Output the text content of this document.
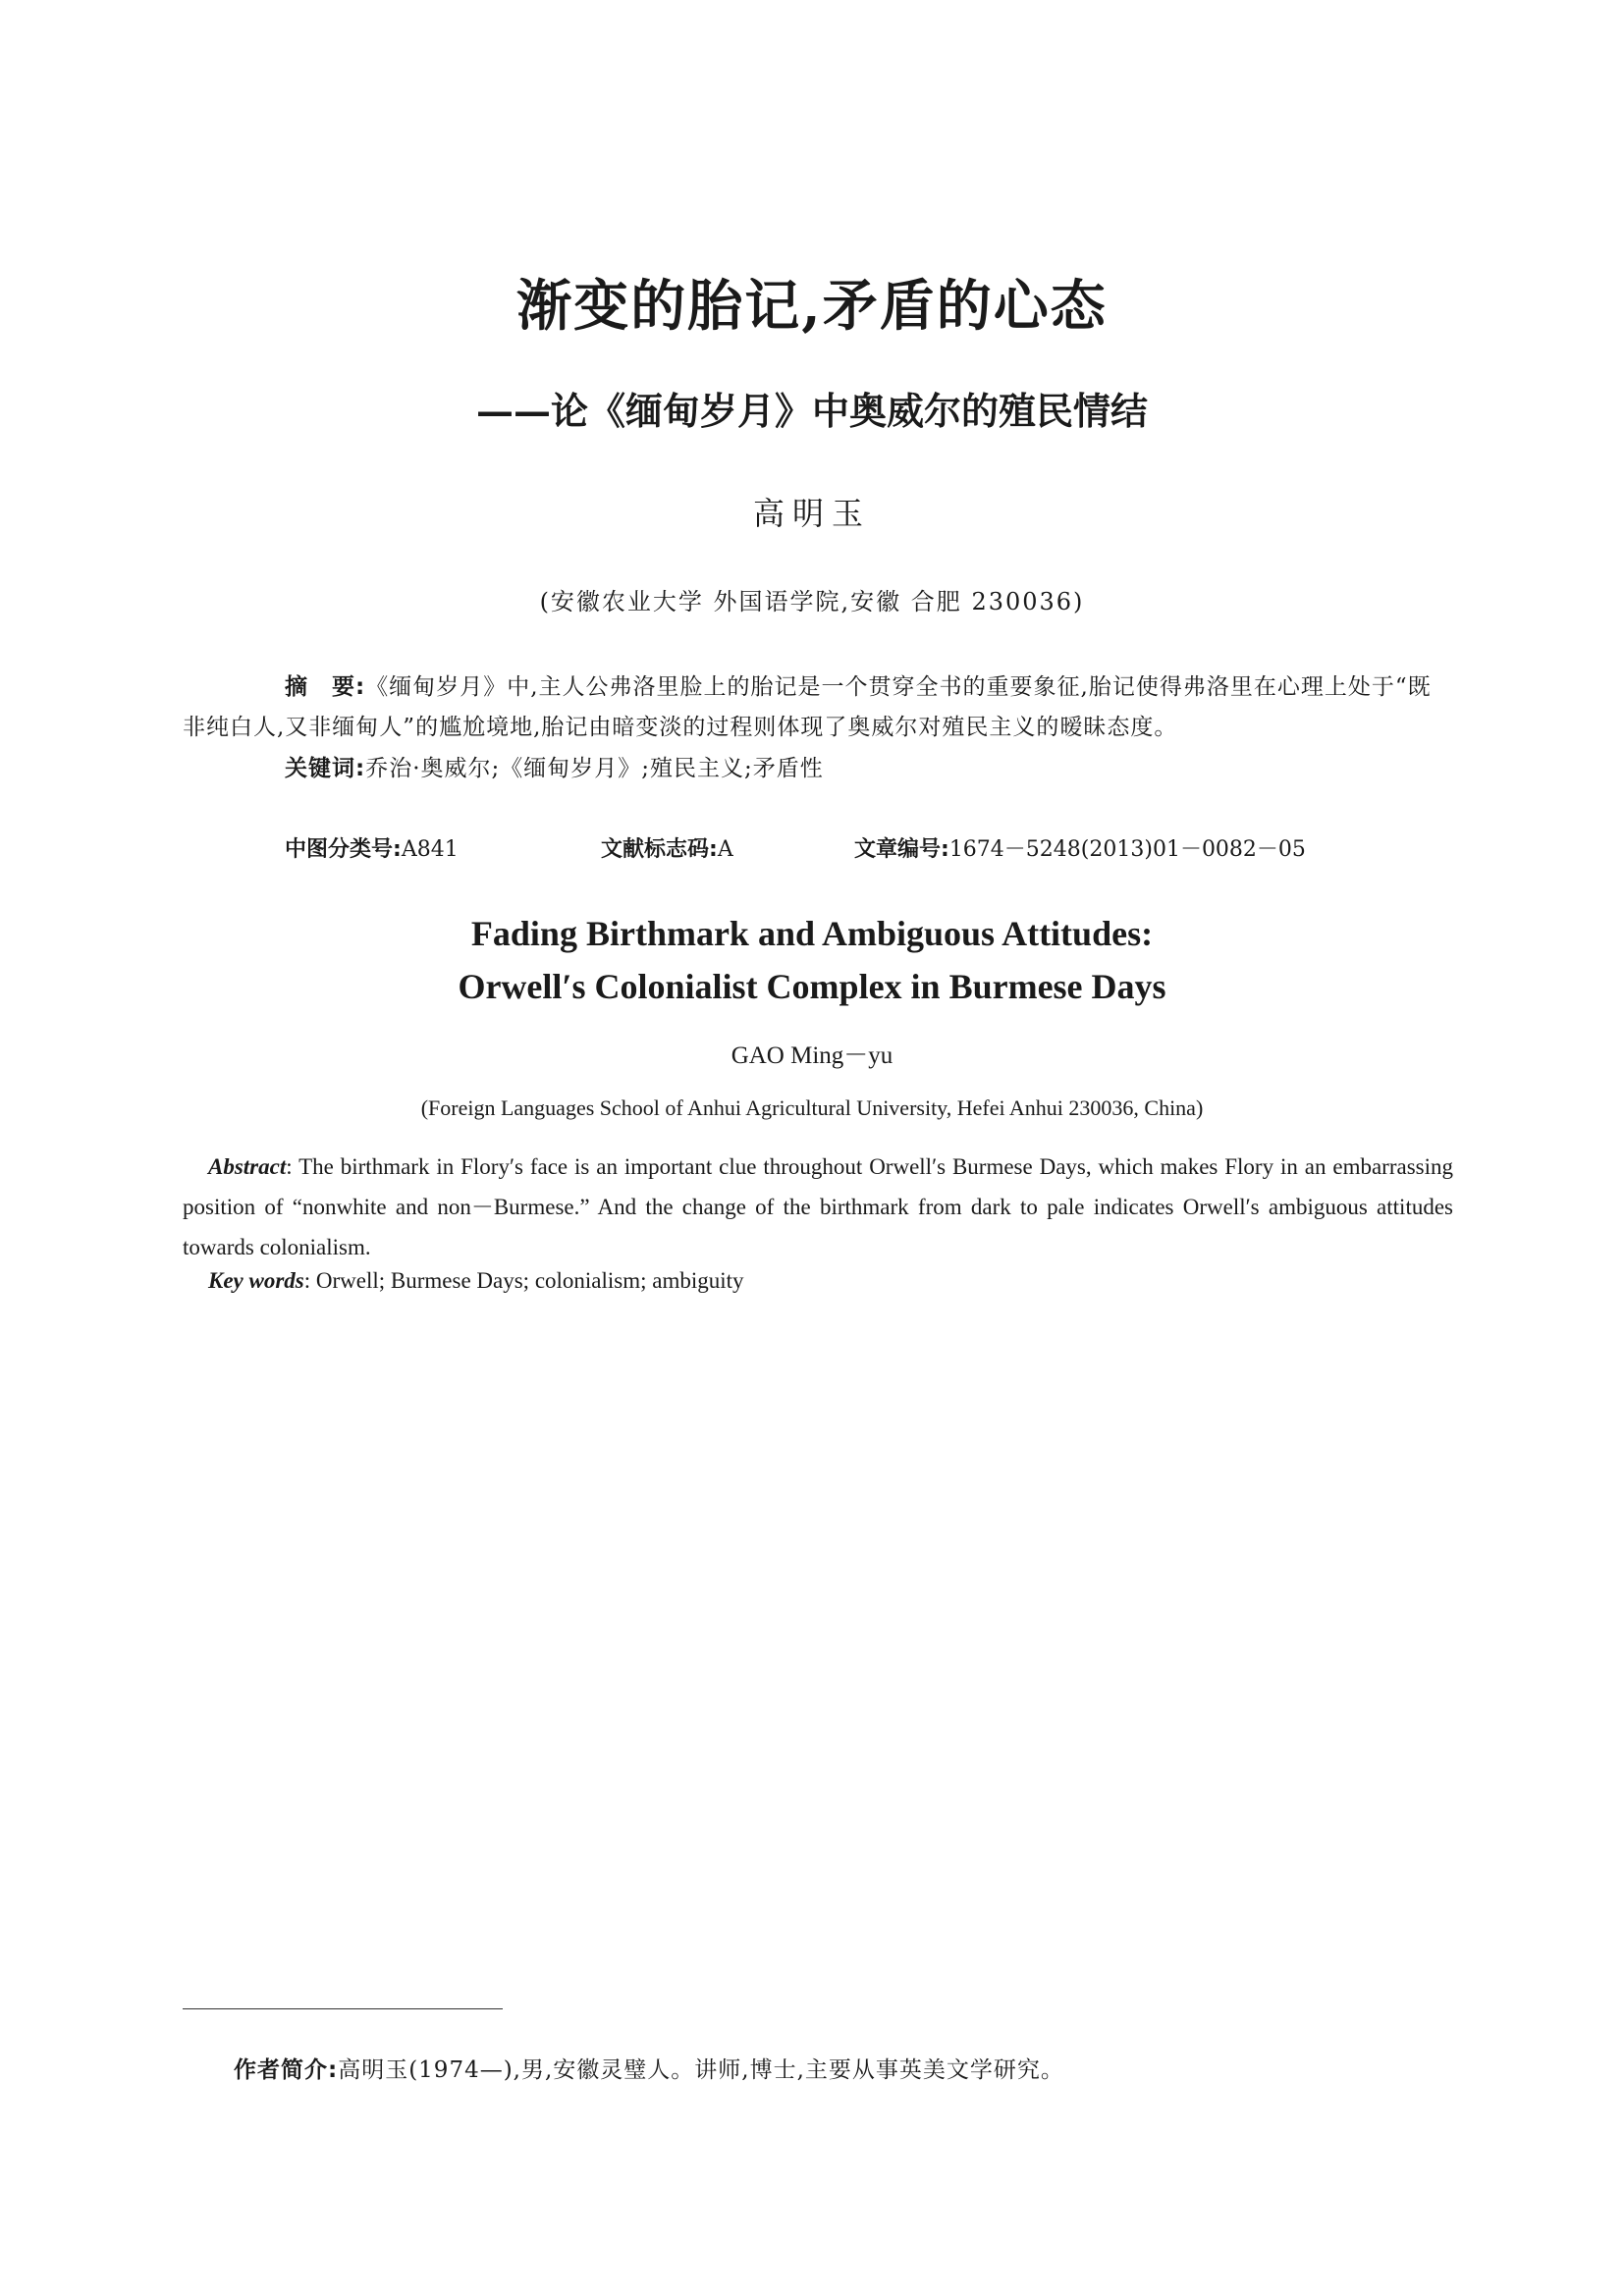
渐变的胎记,矛盾的心态
——论《缅甸岁月》中奥威尔的殖民情结
高明玉
(安徽农业大学 外国语学院,安徽 合肥 230036)
摘　要:《缅甸岁月》中,主人公弗洛里脸上的胎记是一个贯穿全书的重要象征,胎记使得弗洛里在心理上处于“既非纯白人,又非缅甸人”的尴尬境地,胎记由暗变淡的过程则体现了奥威尔对殖民主义的暧昧态度。
关键词:乔治·奥威尔;《缅甸岁月》;殖民主义;矛盾性
中图分类号:A841	文献标志码:A	文章编号:1674－5248(2013)01－0082－05
Fading Birthmark and Ambiguous Attitudes:
Orwell′s Colonialist Complex in Burmese Days
GAO Ming－yu
(Foreign Languages School of Anhui Agricultural University, Hefei Anhui 230036, China)
Abstract: The birthmark in Flory′s face is an important clue throughout Orwell′s Burmese Days, which makes Flory in an embarrassing position of “nonwhite and non－Burmese.” And the change of the birthmark from dark to pale indicates Orwell′s ambiguous attitudes towards colonialism.
Key words: Orwell; Burmese Days; colonialism; ambiguity
作者简介:高明玉(1974—),男,安徽灵璧人。讲师,博士,主要从事英美文学研究。
